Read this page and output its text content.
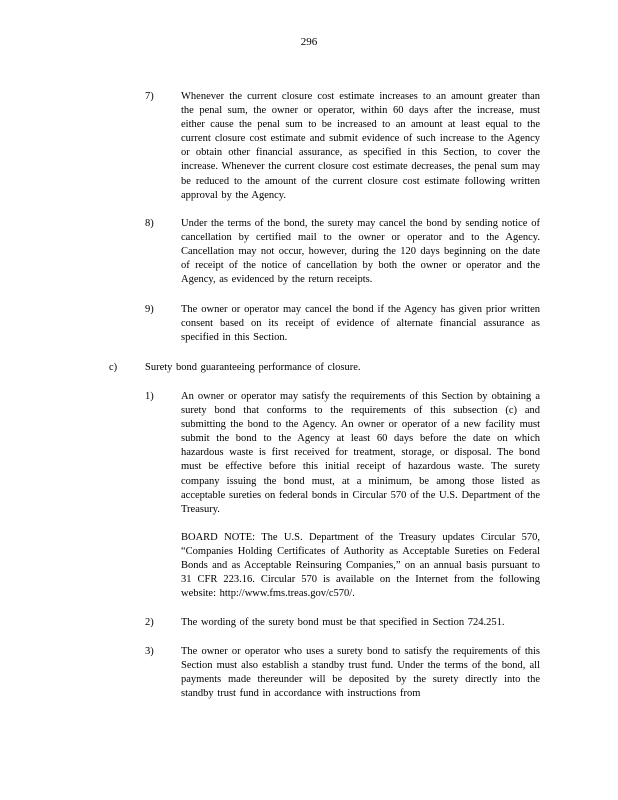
296
7)	Whenever the current closure cost estimate increases to an amount greater than the penal sum, the owner or operator, within 60 days after the increase, must either cause the penal sum to be increased to an amount at least equal to the current closure cost estimate and submit evidence of such increase to the Agency or obtain other financial assurance, as specified in this Section, to cover the increase. Whenever the current closure cost estimate decreases, the penal sum may be reduced to the amount of the current closure cost estimate following written approval by the Agency.
8)	Under the terms of the bond, the surety may cancel the bond by sending notice of cancellation by certified mail to the owner or operator and to the Agency. Cancellation may not occur, however, during the 120 days beginning on the date of receipt of the notice of cancellation by both the owner or operator and the Agency, as evidenced by the return receipts.
9)	The owner or operator may cancel the bond if the Agency has given prior written consent based on its receipt of evidence of alternate financial assurance as specified in this Section.
c)	Surety bond guaranteeing performance of closure.
1)	An owner or operator may satisfy the requirements of this Section by obtaining a surety bond that conforms to the requirements of this subsection (c) and submitting the bond to the Agency. An owner or operator of a new facility must submit the bond to the Agency at least 60 days before the date on which hazardous waste is first received for treatment, storage, or disposal. The bond must be effective before this initial receipt of hazardous waste. The surety company issuing the bond must, at a minimum, be among those listed as acceptable sureties on federal bonds in Circular 570 of the U.S. Department of the Treasury.
BOARD NOTE: The U.S. Department of the Treasury updates Circular 570, “Companies Holding Certificates of Authority as Acceptable Sureties on Federal Bonds and as Acceptable Reinsuring Companies,” on an annual basis pursuant to 31 CFR 223.16. Circular 570 is available on the Internet from the following website: http://www.fms.treas.gov/c570/.
2)	The wording of the surety bond must be that specified in Section 724.251.
3)	The owner or operator who uses a surety bond to satisfy the requirements of this Section must also establish a standby trust fund. Under the terms of the bond, all payments made thereunder will be deposited by the surety directly into the standby trust fund in accordance with instructions from
